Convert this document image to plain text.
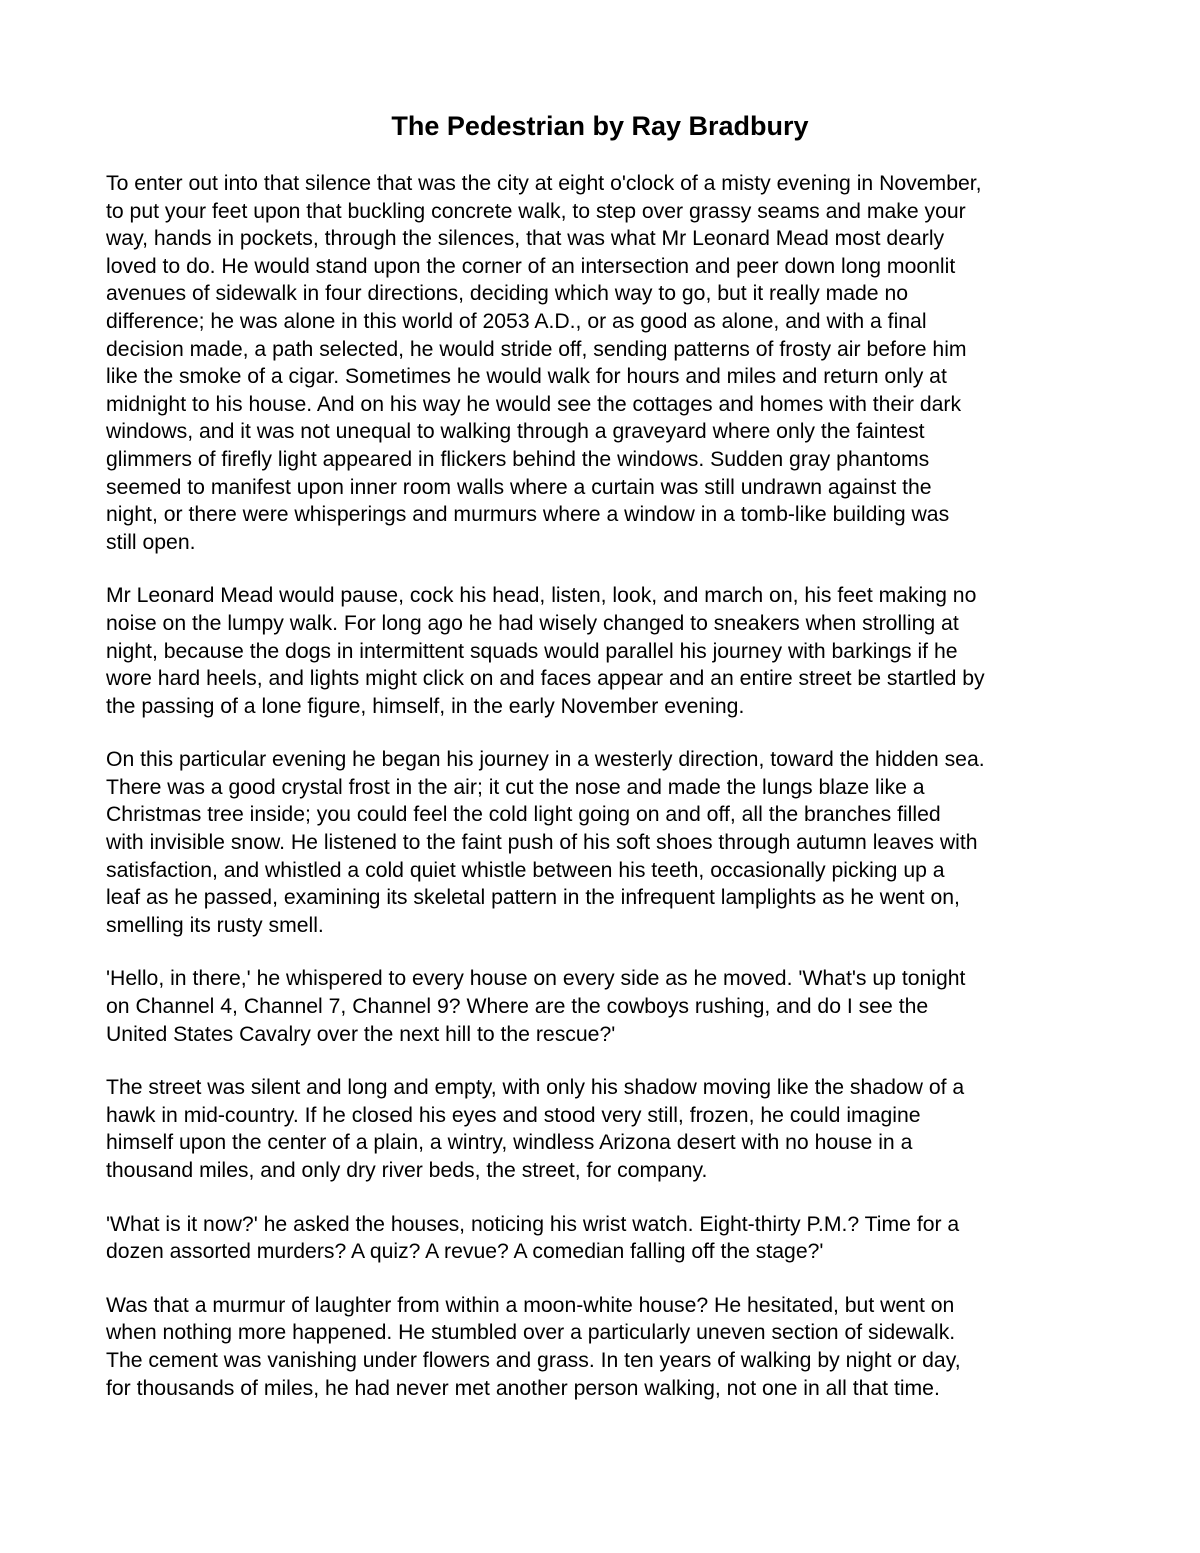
The Pedestrian by Ray Bradbury

To enter out into that silence that was the city at eight o'clock of a misty evening in November,
to put your feet upon that buckling concrete walk, to step over grassy seams and make your
way, hands in pockets, through the silences, that was what Mr Leonard Mead most dearly
loved to do. He would stand upon the corner of an intersection and peer down long moonlit
avenues of sidewalk in four directions, deciding which way to go, but it really made no
difference; he was alone in this world of 2053 A.D., or as good as alone, and with a final
decision made, a path selected, he would stride off, sending patterns of frosty air before him
like the smoke of a cigar. Sometimes he would walk for hours and miles and return only at
midnight to his house. And on his way he would see the cottages and homes with their dark
windows, and it was not unequal to walking through a graveyard where only the faintest
glimmers of firefly light appeared in flickers behind the windows. Sudden gray phantoms
seemed to manifest upon inner room walls where a curtain was still undrawn against the
night, or there were whisperings and murmurs where a window in a tomb-like building was
still open.

Mr Leonard Mead would pause, cock his head, listen, look, and march on, his feet making no
noise on the lumpy walk. For long ago he had wisely changed to sneakers when strolling at
night, because the dogs in intermittent squads would parallel his journey with barkings if he
wore hard heels, and lights might click on and faces appear and an entire street be startled by
the passing of a lone figure, himself, in the early November evening.

On this particular evening he began his journey in a westerly direction, toward the hidden sea.
There was a good crystal frost in the air; it cut the nose and made the lungs blaze like a
Christmas tree inside; you could feel the cold light going on and off, all the branches filled
with invisible snow. He listened to the faint push of his soft shoes through autumn leaves with
satisfaction, and whistled a cold quiet whistle between his teeth, occasionally picking up a
leaf as he passed, examining its skeletal pattern in the infrequent lamplights as he went on,
smelling its rusty smell.

'Hello, in there,' he whispered to every house on every side as he moved. 'What's up tonight
on Channel 4, Channel 7, Channel 9? Where are the cowboys rushing, and do I see the
United States Cavalry over the next hill to the rescue?'

The street was silent and long and empty, with only his shadow moving like the shadow of a
hawk in mid-country. If he closed his eyes and stood very still, frozen, he could imagine
himself upon the center of a plain, a wintry, windless Arizona desert with no house in a
thousand miles, and only dry river beds, the street, for company.

'What is it now?' he asked the houses, noticing his wrist watch. Eight-thirty P.M.? Time for a
dozen assorted murders? A quiz? A revue? A comedian falling off the stage?'

Was that a murmur of laughter from within a moon-white house? He hesitated, but went on
when nothing more happened. He stumbled over a particularly uneven section of sidewalk.
The cement was vanishing under flowers and grass. In ten years of walking by night or day,
for thousands of miles, he had never met another person walking, not one in all that time.
